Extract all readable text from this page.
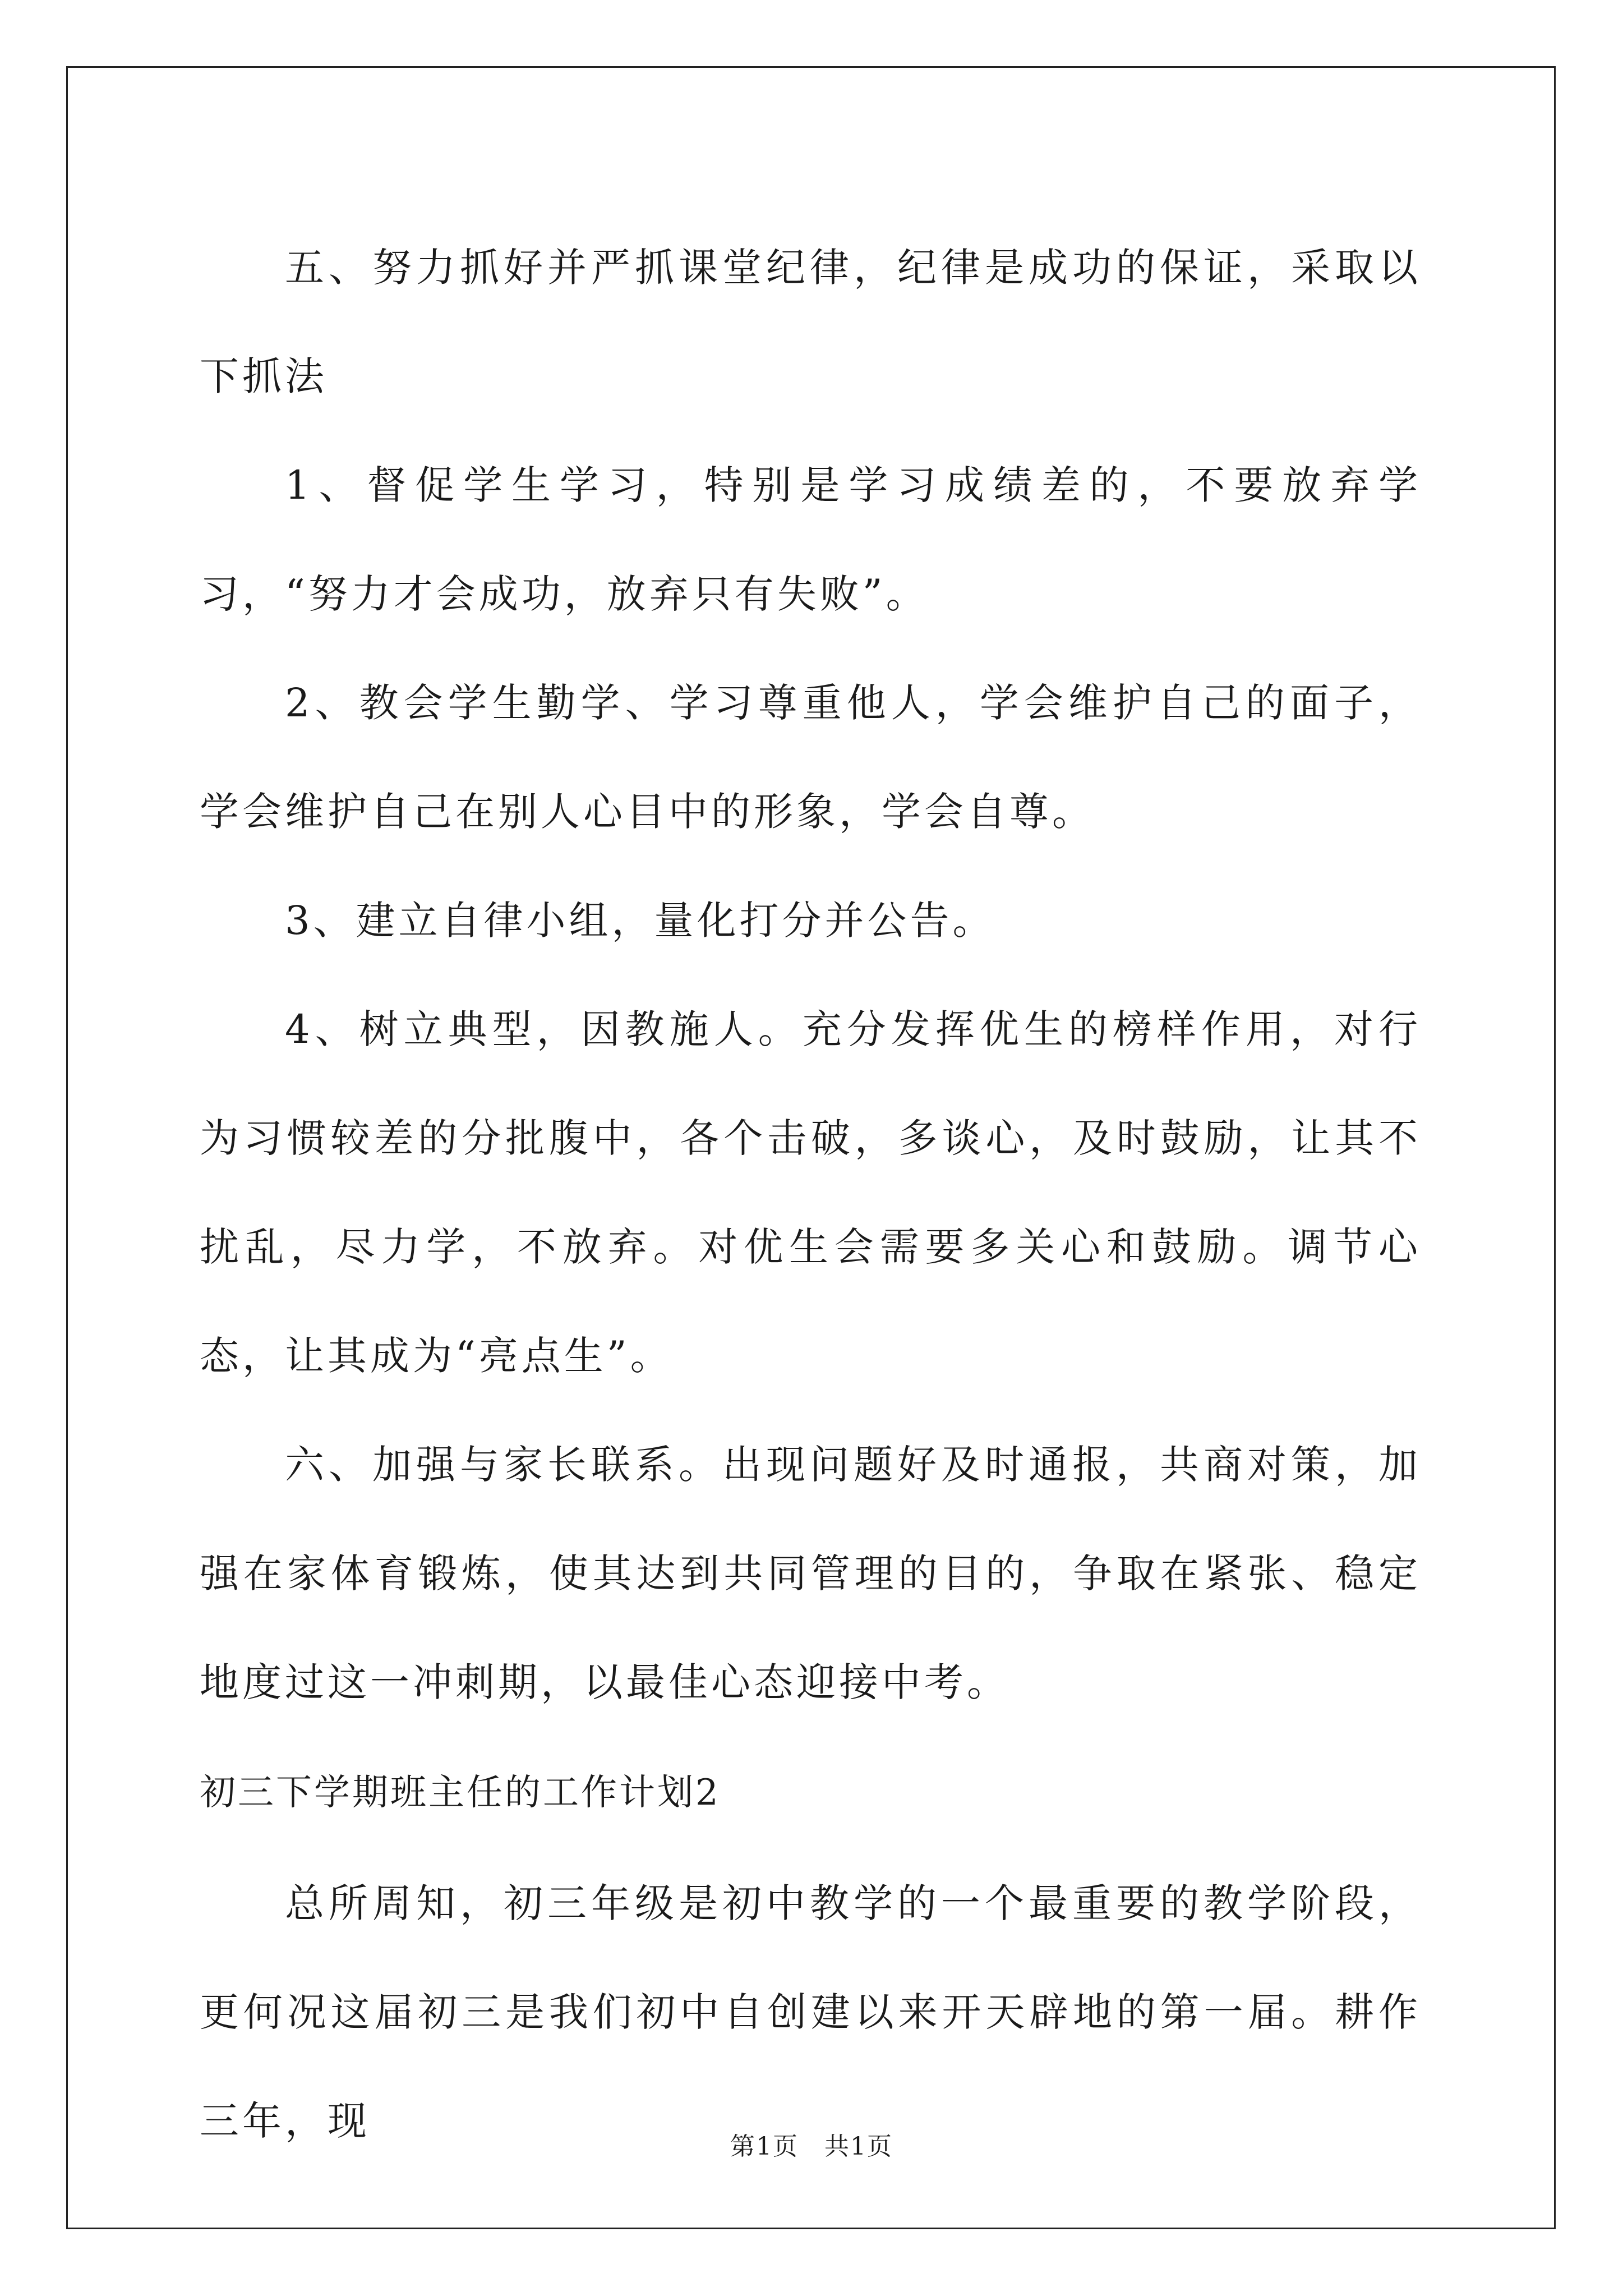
五、努力抓好并严抓课堂纪律，纪律是成功的保证，采取以下抓法

1、督促学生学习，特别是学习成绩差的，不要放弃学习，“努力才会成功，放弃只有失败”。

2、教会学生勤学、学习尊重他人，学会维护自己的面子，学会维护自己在别人心目中的形象，学会自尊。

3、建立自律小组，量化打分并公告。

4、树立典型，因教施人。充分发挥优生的榜样作用，对行为习惯较差的分批腹中，各个击破，多谈心，及时鼓励，让其不扰乱，尽力学，不放弃。对优生会需要多关心和鼓励。调节心态，让其成为“亮点生”。

六、加强与家长联系。出现问题好及时通报，共商对策，加强在家体育锻炼，使其达到共同管理的目的，争取在紧张、稳定地度过这一冲刺期，以最佳心态迎接中考。

初三下学期班主任的工作计划2

总所周知，初三年级是初中教学的一个最重要的教学阶段，更何况这届初三是我们初中自创建以来开天辟地的第一届。耕作三年，现

第1页　共1页
